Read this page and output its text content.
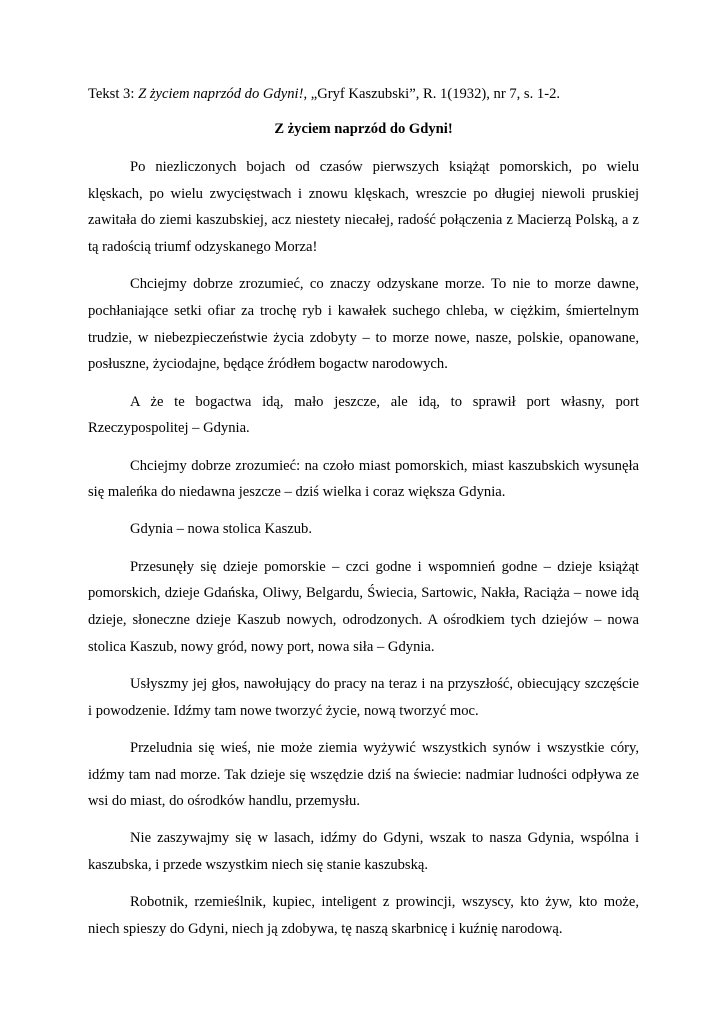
Tekst 3: Z życiem naprzód do Gdyni!, „Gryf Kaszubski”, R. 1(1932), nr 7, s. 1-2.

Z życiem naprzód do Gdyni!

Po niezliczonych bojach od czasów pierwszych książąt pomorskich, po wielu klęskach, po wielu zwycięstwach i znowu klęskach, wreszcie po długiej niewoli pruskiej zawitała do ziemi kaszubskiej, acz niestety niecałej, radość połączenia z Macierzą Polską, a z tą radością triumf odzyskanego Morza!

Chciejmy dobrze zrozumieć, co znaczy odzyskane morze. To nie to morze dawne, pochłaniające setki ofiar za trochę ryb i kawałek suchego chleba, w ciężkim, śmiertelnym trudzie, w niebezpieczeństwie życia zdobyty – to morze nowe, nasze, polskie, opanowane, posłuszne, życiodajne, będące źródłem bogactw narodowych.

A że te bogactwa idą, mało jeszcze, ale idą, to sprawił port własny, port Rzeczypospolitej – Gdynia.

Chciejmy dobrze zrozumieć: na czoło miast pomorskich, miast kaszubskich wysunęła się maleńka do niedawna jeszcze – dziś wielka i coraz większa Gdynia.

Gdynia – nowa stolica Kaszub.

Przesunęły się dzieje pomorskie – czci godne i wspomnień godne – dzieje książąt pomorskich, dzieje Gdańska, Oliwy, Belgardu, Świecia, Sartowic, Nakła, Raciąża – nowe idą dzieje, słoneczne dzieje Kaszub nowych, odrodzonych. A ośrodkiem tych dziejów – nowa stolica Kaszub, nowy gród, nowy port, nowa siła – Gdynia.

Usłyszmy jej głos, nawołujący do pracy na teraz i na przyszłość, obiecujący szczęście i powodzenie. Idźmy tam nowe tworzyć życie, nową tworzyć moc.

Przeludnia się wieś, nie może ziemia wyżywić wszystkich synów i wszystkie córy, idźmy tam nad morze. Tak dzieje się wszędzie dziś na świecie: nadmiar ludności odpływa ze wsi do miast, do ośrodków handlu, przemysłu.

Nie zaszywajmy się w lasach, idźmy do Gdyni, wszak to nasza Gdynia, wspólna i kaszubska, i przede wszystkim niech się stanie kaszubską.

Robotnik, rzemieślnik, kupiec, inteligent z prowincji, wszyscy, kto żyw, kto może, niech spieszy do Gdyni, niech ją zdobywa, tę naszą skarbnicę i kuźnię narodową.
